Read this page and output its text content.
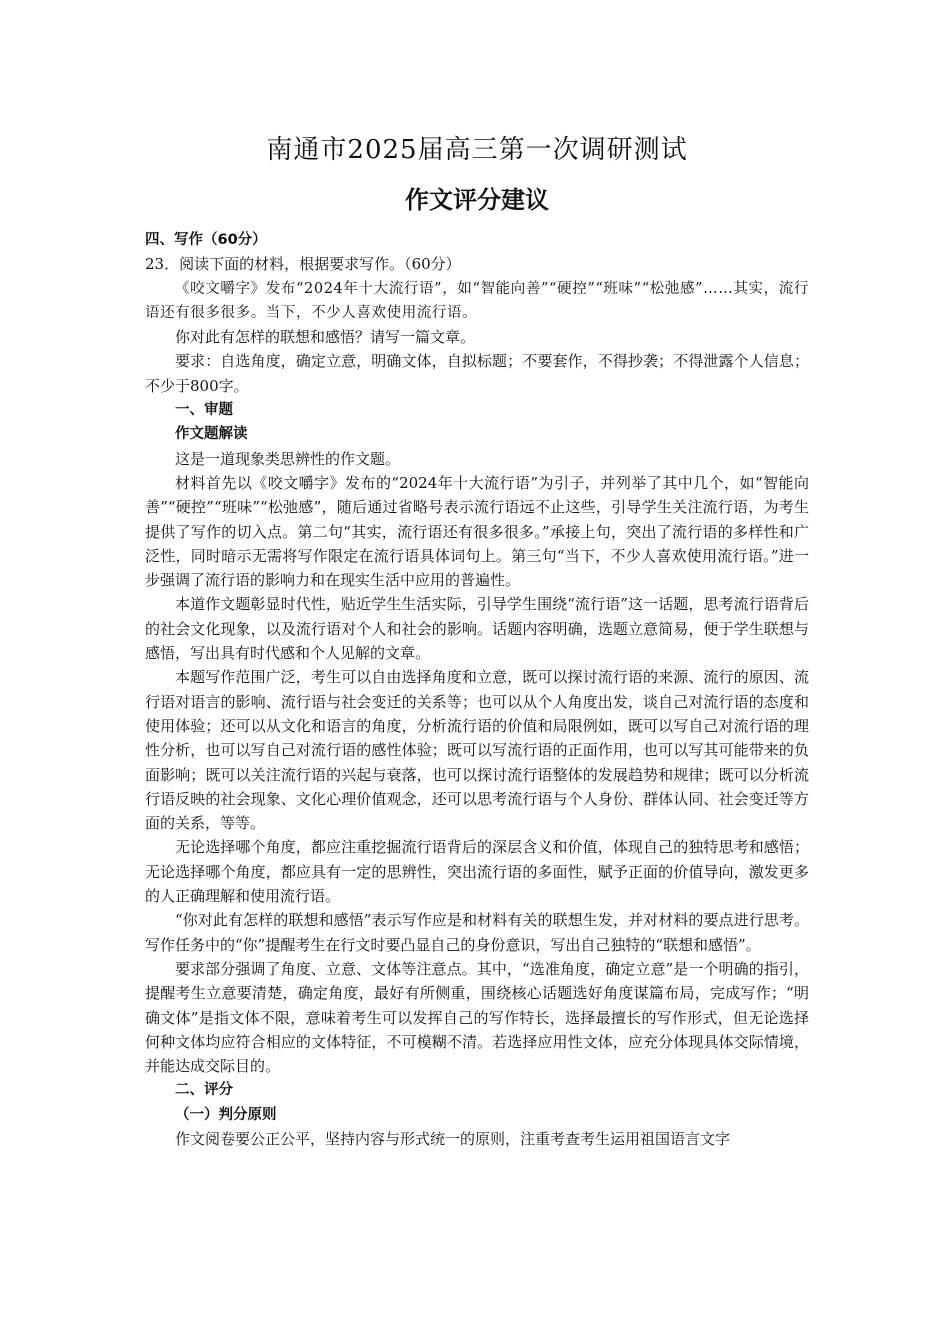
南通市2025届高三第一次调研测试
作文评分建议
四、写作（60分）

23．阅读下面的材料，根据要求写作。（60分）

《咬文嚼字》发布“2024年十大流行语”，如“智能向善”“硬控”“班味”“松弛感”……其实，流行语还有很多很多。当下，不少人喜欢使用流行语。

你对此有怎样的联想和感悟？请写一篇文章。

要求：自选角度，确定立意，明确文体，自拟标题；不要套作，不得抄袭；不得泄露个人信息；不少于800字。

一、审题
作文题解读

这是一道现象类思辨性的作文题。

材料首先以《咬文嚼字》发布的“2024年十大流行语”为引子，并列举了其中几个，如“智能向善”“硬控”“班味”“松弛感”，随后通过省略号表示流行语远不止这些，引导学生关注流行语，为考生提供了写作的切入点。第二句“其实，流行语还有很多很多。”承接上句，突出了流行语的多样性和广泛性，同时暗示无需将写作限定在流行语具体词句上。第三句“当下，不少人喜欢使用流行语。”进一步强调了流行语的影响力和在现实生活中应用的普遍性。

本道作文题彰显时代性，贴近学生生活实际，引导学生围绕“流行语”这一话题，思考流行语背后的社会文化现象，以及流行语对个人和社会的影响。话题内容明确，选题立意简易，便于学生联想与感悟，写出具有时代感和个人见解的文章。

本题写作范围广泛，考生可以自由选择角度和立意，既可以探讨流行语的来源、流行的原因、流行语对语言的影响、流行语与社会变迁的关系等；也可以从个人角度出发，谈自己对流行语的态度和使用体验；还可以从文化和语言的角度，分析流行语的价值和局限例如，既可以写自己对流行语的理性分析，也可以写自己对流行语的感性体验；既可以写流行语的正面作用，也可以写其可能带来的负面影响；既可以关注流行语的兴起与衰落，也可以探讨流行语整体的发展趋势和规律；既可以分析流行语反映的社会现象、文化心理价值观念，还可以思考流行语与个人身份、群体认同、社会变迁等方面的关系，等等。

无论选择哪个角度，都应注重挖掘流行语背后的深层含义和价值，体现自己的独特思考和感悟；无论选择哪个角度，都应具有一定的思辨性，突出流行语的多面性，赋予正面的价值导向，激发更多的人正确理解和使用流行语。

“你对此有怎样的联想和感悟”表示写作应是和材料有关的联想生发，并对材料的要点进行思考。写作任务中的“你”提醒考生在行文时要凸显自己的身份意识，写出自己独特的“联想和感悟”。

要求部分强调了角度、立意、文体等注意点。其中，“选准角度，确定立意”是一个明确的指引，提醒考生立意要清楚，确定角度，最好有所侧重，围绕核心话题选好角度谋篇布局，完成写作；“明确文体”是指文体不限，意味着考生可以发挥自己的写作特长，选择最擅长的写作形式，但无论选择何种文体均应符合相应的文体特征，不可模糊不清。若选择应用性文体，应充分体现具体交际情境，并能达成交际目的。

二、评分
（一）判分原则

作文阅卷要公正公平，坚持内容与形式统一的原则，注重考查考生运用祖国语言文字
